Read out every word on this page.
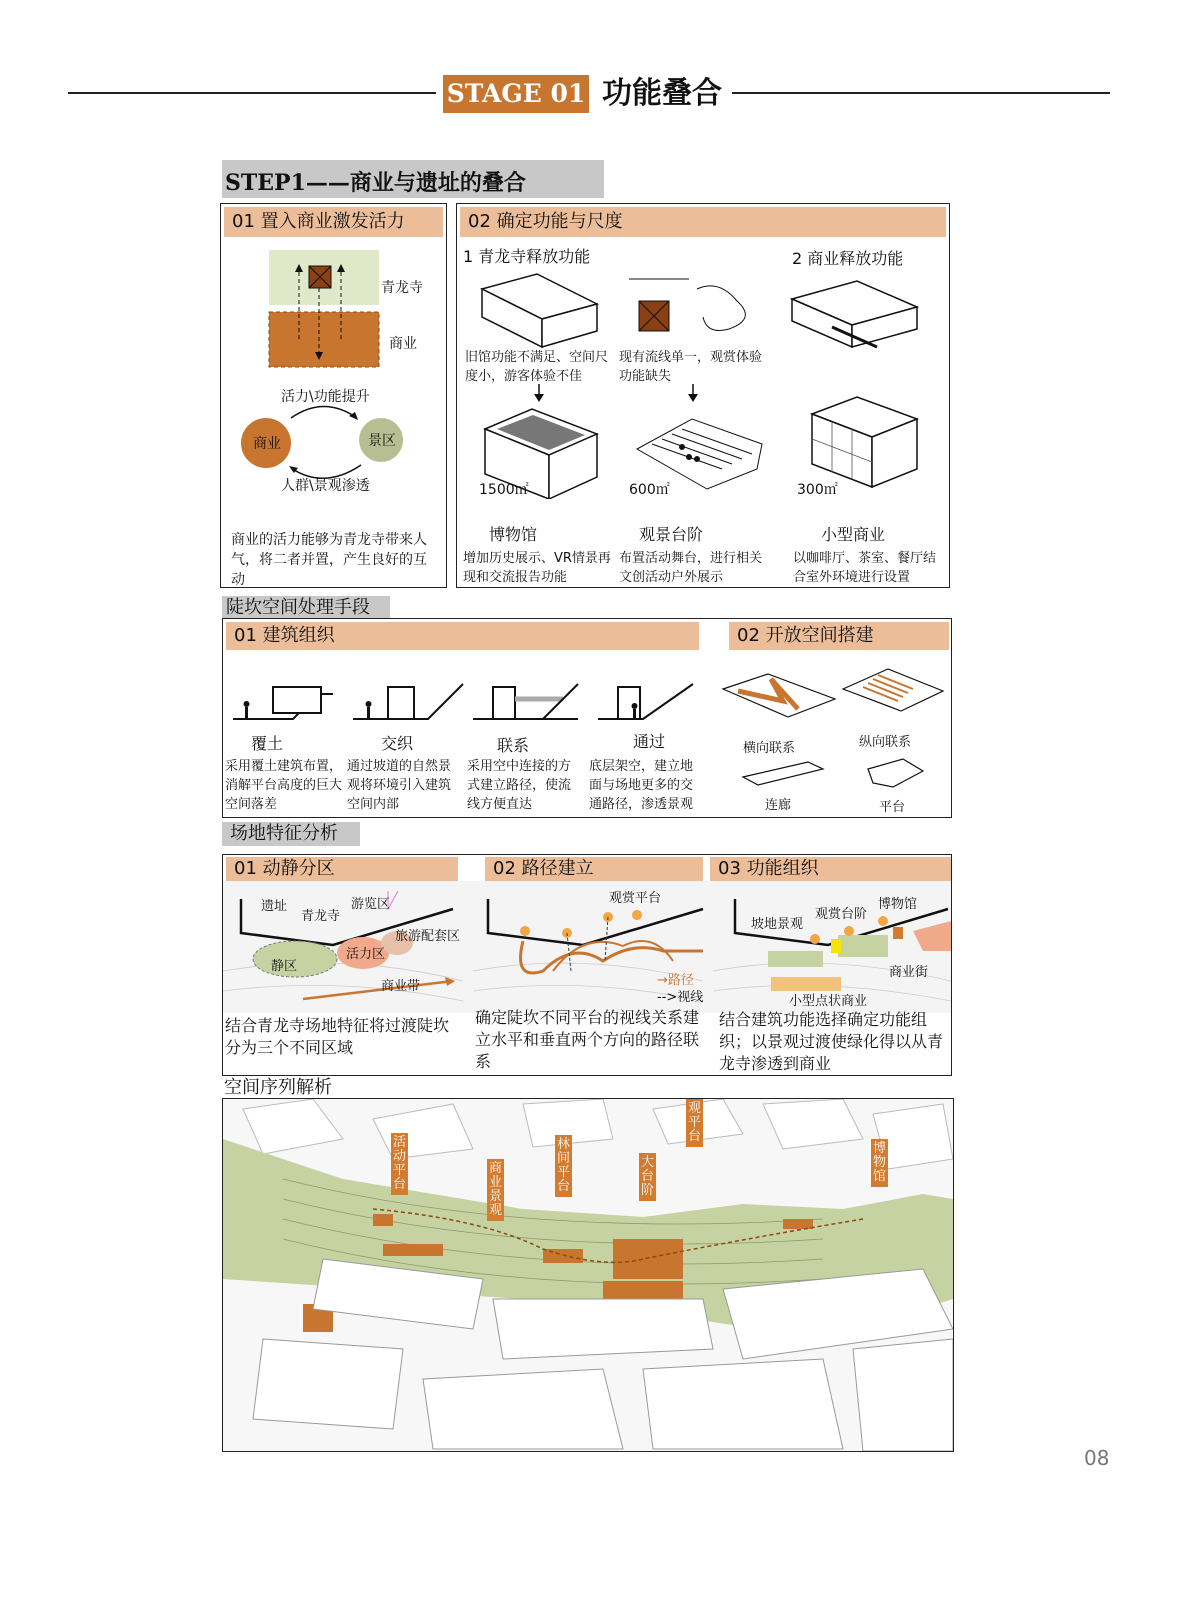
STAGE 01 功能叠合
STEP1——商业与遗址的叠合
01 置入商业激发活力
青龙寺
商业
活力\功能提升
商业	景区
人群\景观渗透
商业的活力能够为青龙寺带来人气，将二者并置，产生良好的互动
02 确定功能与尺度
1 青龙寺释放功能	2 商业释放功能
旧馆功能不满足、空间尺度小，游客体验不佳
现有流线单一，观赏体验功能缺失
1500㎡	600㎡	300㎡
博物馆	观景台阶	小型商业
增加历史展示、VR情景再现和交流报告功能
布置活动舞台，进行相关文创活动户外展示
以咖啡厅、茶室、餐厅结合室外环境进行设置
陡坎空间处理手段
01 建筑组织	02 开放空间搭建
覆土	交织	联系	通过
采用覆土建筑布置，消解平台高度的巨大空间落差
通过坡道的自然景观将环境引入建筑空间内部
采用空中连接的方式建立路径，使流线方便直达
底层架空，建立地面与场地更多的交通路径，渗透景观
横向联系	纵向联系
连廊	平台
场地特征分析
01 动静分区	02 路径建立	03 功能组织
遗址
青龙寺
游览区
旅游配套区
静区
活力区
商业带
观赏平台
→路径
-->视线
坡地景观
观赏台阶
博物馆
商业街
小型点状商业
结合青龙寺场地特征将过渡陡坎分为三个不同区域
确定陡坎不同平台的视线关系建立水平和垂直两个方向的路径联系
结合建筑功能选择确定功能组织；以景观过渡使绿化得以从青龙寺渗透到商业
空间序列解析
活动平台
商业景观
林间平台
大台阶
观平台
博物馆
08
